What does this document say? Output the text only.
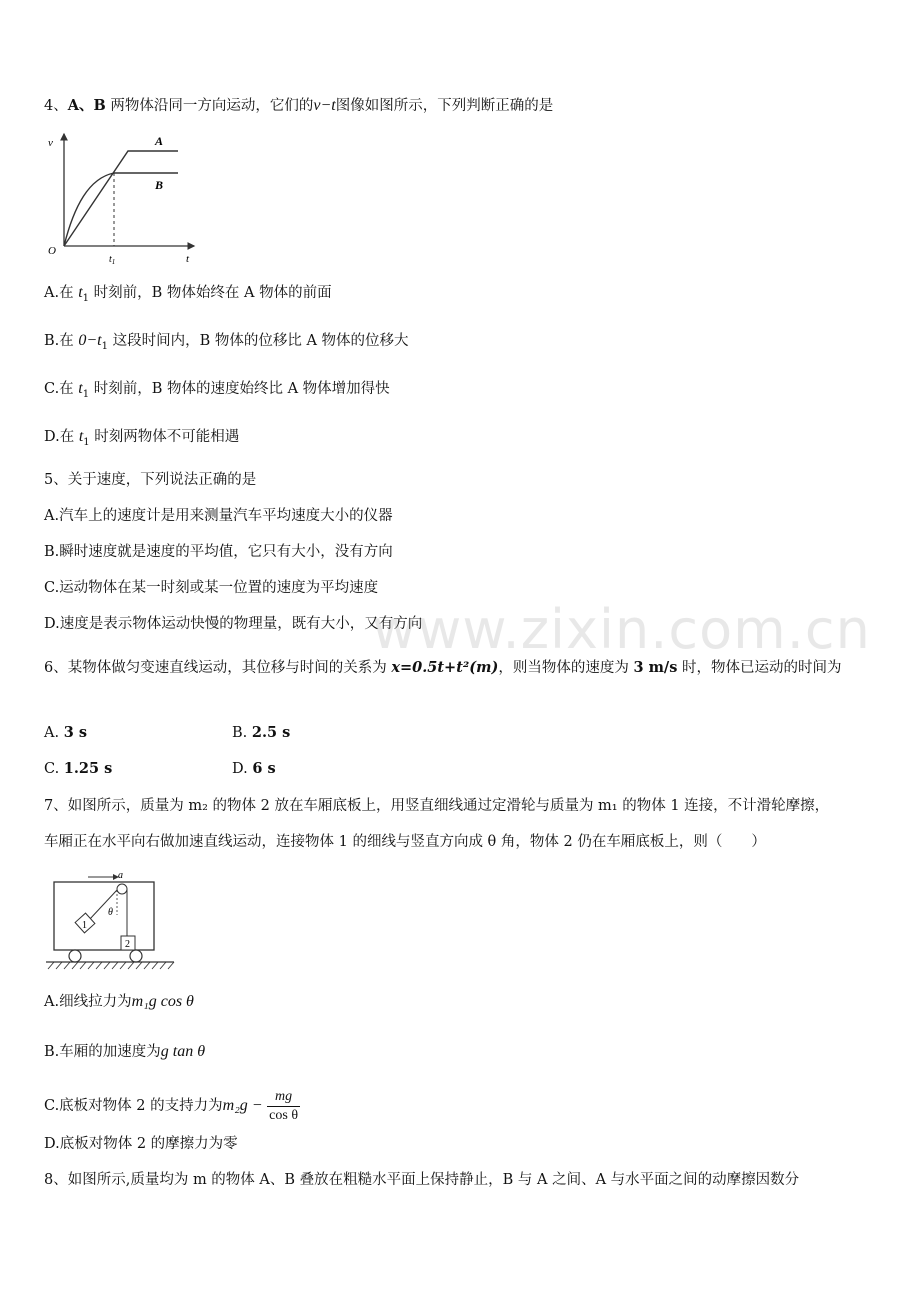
4、A、B 两物体沿同一方向运动，它们的v−t图像如图所示，下列判断正确的是
v
t
O
$t_1$
A
B
A.在 $t_1$ 时刻前，B 物体始终在 A 物体的前面
B.在 $0-t_1$ 这段时间内，B 物体的位移比 A 物体的位移大
C.在 $t_1$ 时刻前，B 物体的速度始终比 A 物体增加得快
D.在 $t_1$ 时刻两物体不可能相遇
5、关于速度，下列说法正确的是
A.汽车上的速度计是用来测量汽车平均速度大小的仪器
B.瞬时速度就是速度的平均值，它只有大小，没有方向
C.运动物体在某一时刻或某一位置的速度为平均速度
D.速度是表示物体运动快慢的物理量，既有大小，又有方向
www.zixin.com.cn
6、某物体做匀变速直线运动，其位移与时间的关系为 x=0.5t+t²(m)，则当物体的速度为 3 m/s 时，物体已运动的时间为
A. 3 s	B. 2.5 s
C. 1.25 s	D. 6 s
7、如图所示，质量为 m₂ 的物体 2 放在车厢底板上，用竖直细线通过定滑轮与质量为 m₁ 的物体 1 连接，不计滑轮摩擦，
车厢正在水平向右做加速直线运动，连接物体 1 的细线与竖直方向成 θ 角，物体 2 仍在车厢底板上，则（　　）
a
θ
1
2
A.细线拉力为m₁g cos θ
B.车厢的加速度为g tan θ
C.底板对物体 2 的支持力为$m_2g - \frac{mg}{\text{cos θ}}$
D.底板对物体 2 的摩擦力为零
8、如图所示,质量均为 m 的物体 A、B 叠放在粗糙水平面上保持静止，B 与 A 之间、A 与水平面之间的动摩擦因数分
